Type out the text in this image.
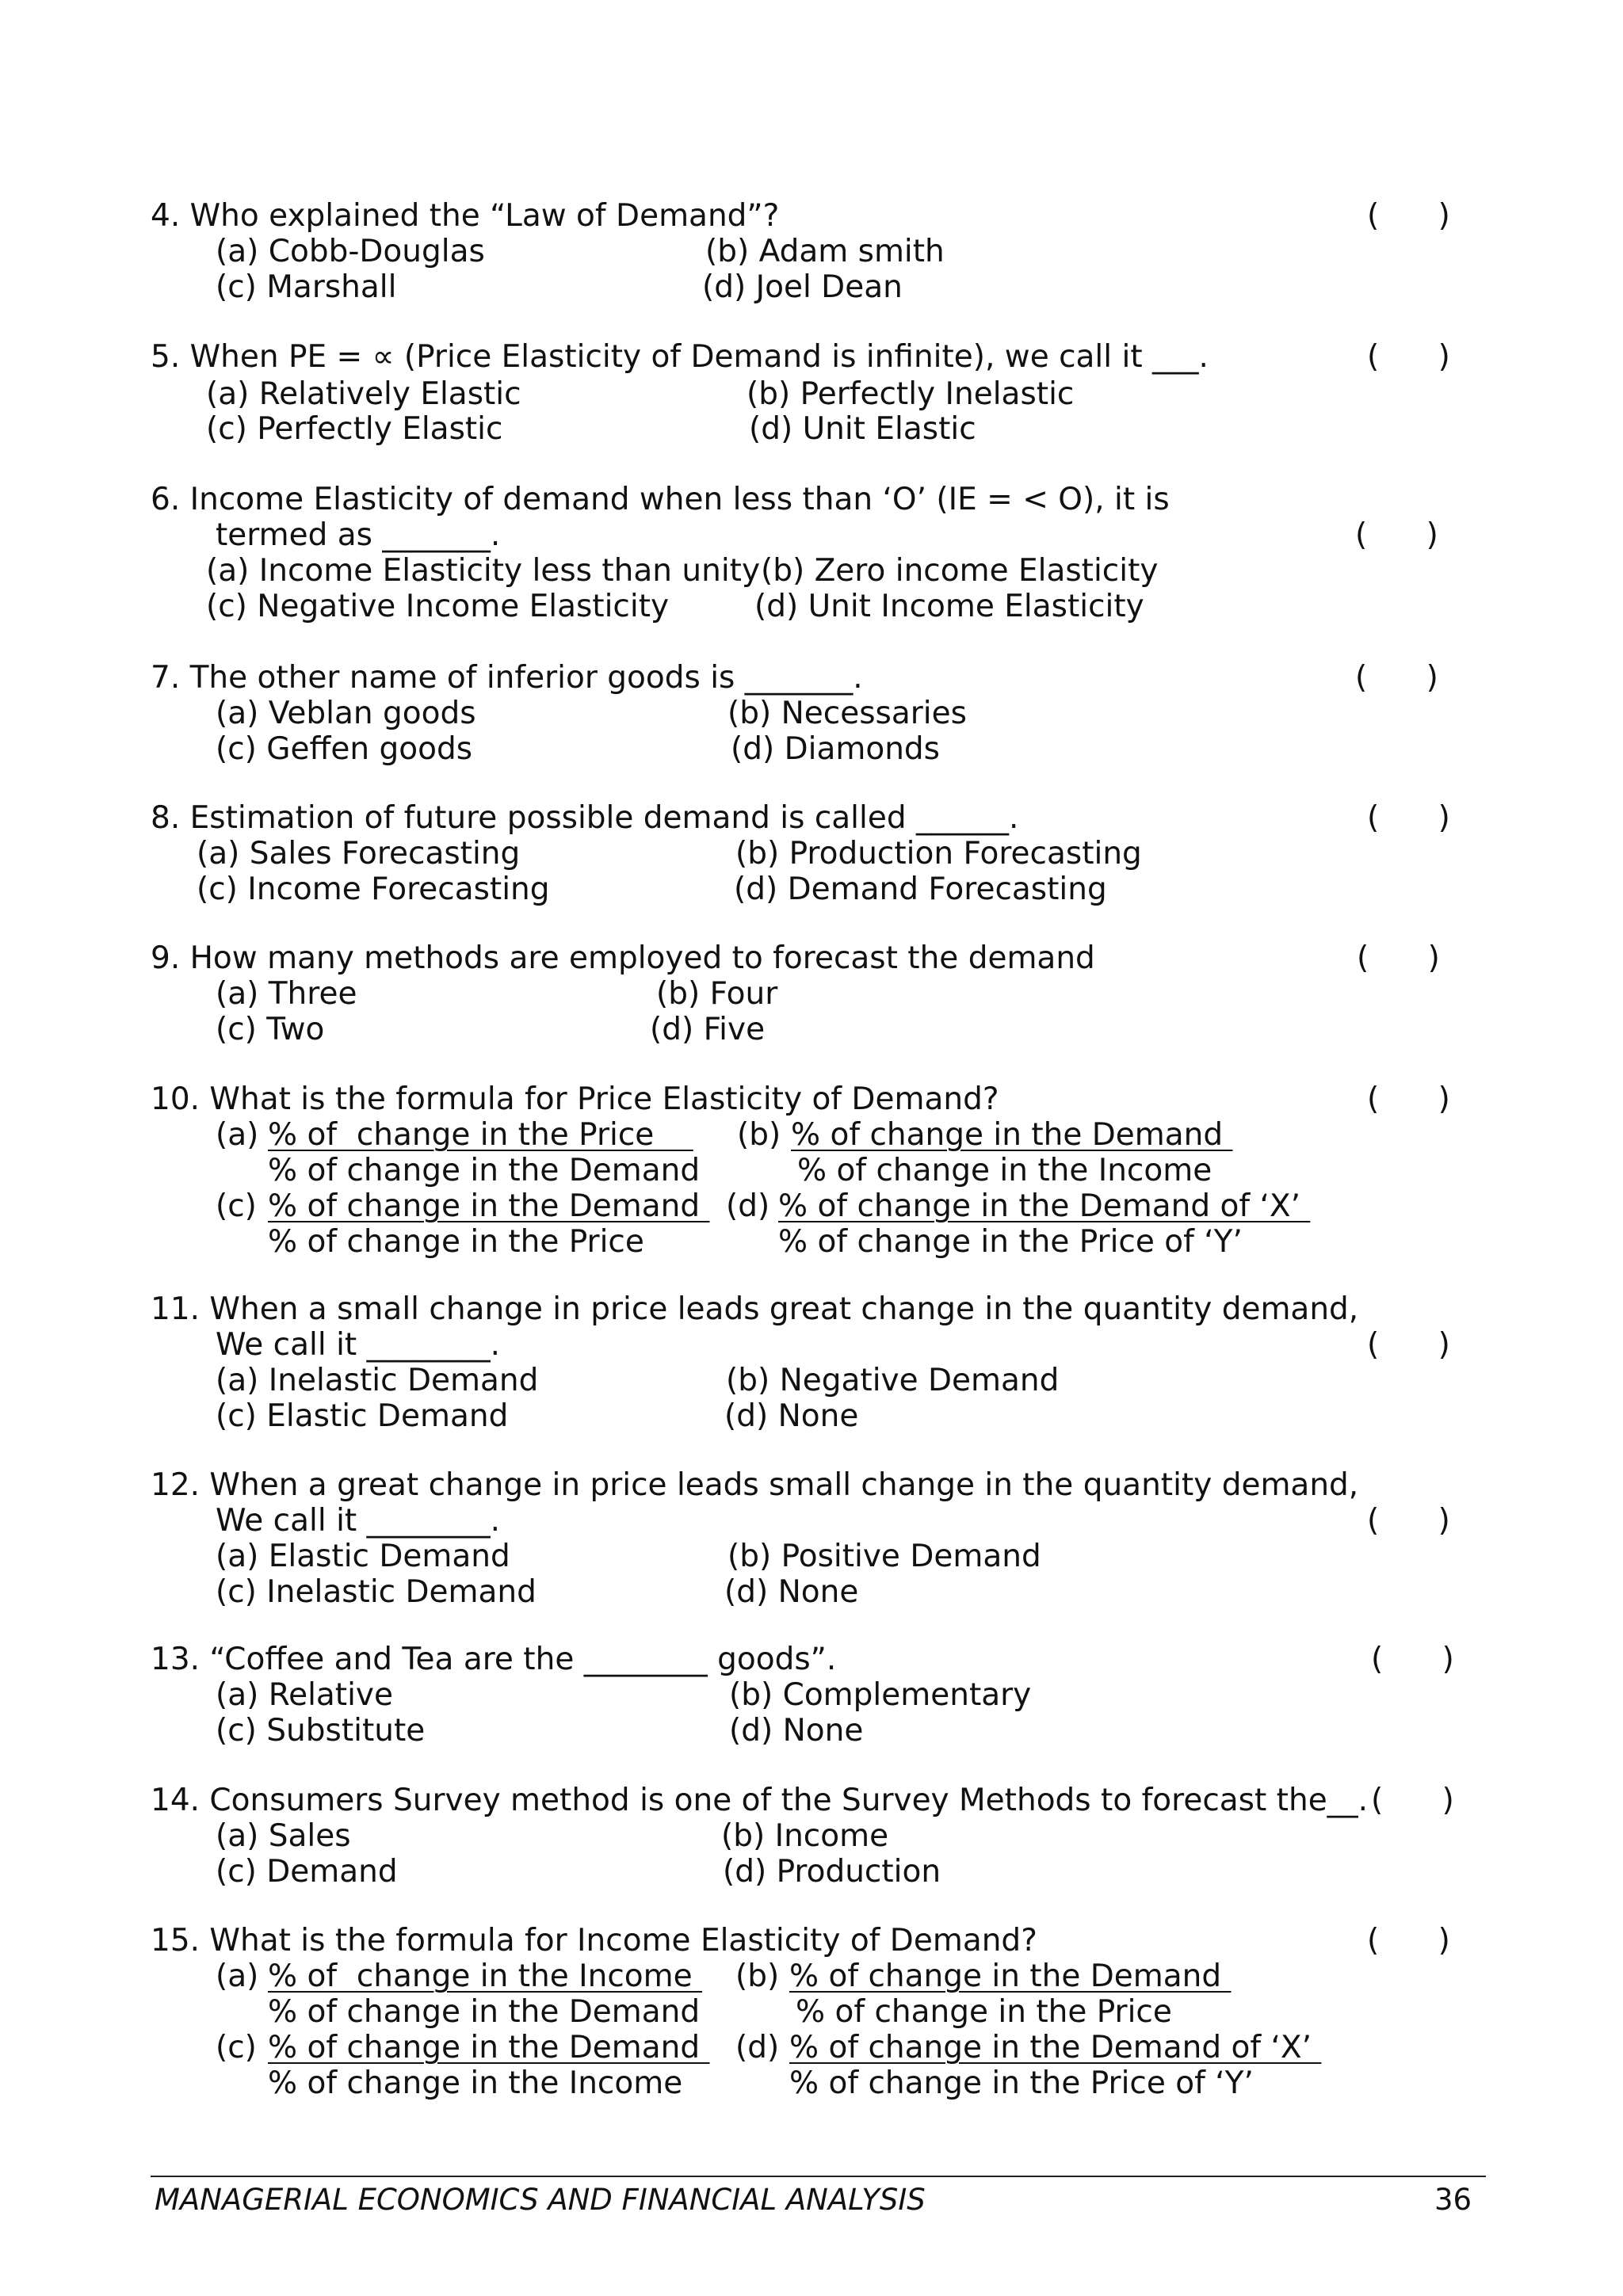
4. Who explained the “Law of Demand”?	(      )
(a) Cobb-Douglas	(b) Adam smith
(c) Marshall	(d) Joel Dean
5. When PE = ∝ (Price Elasticity of Demand is infinite), we call it ___.	(      )
(a) Relatively Elastic	(b) Perfectly Inelastic
(c) Perfectly Elastic	(d) Unit Elastic
6. Income Elasticity of demand when less than ‘O’ (IE = < O), it is
termed as _______.	(      )
(a) Income Elasticity less than unity (b) Zero income Elasticity
(c) Negative Income Elasticity	(d) Unit Income Elasticity
7. The other name of inferior goods is _______.	(      )
(a) Veblan goods	(b) Necessaries
(c) Geffen goods	(d) Diamonds
8. Estimation of future possible demand is called ______.	(      )
(a) Sales Forecasting	(b) Production Forecasting
(c) Income Forecasting	(d) Demand Forecasting
9. How many methods are employed to forecast the demand	(      )
(a) Three	(b) Four
(c) Two	(d) Five
10. What is the formula for Price Elasticity of Demand?	(      )
(a) % of  change in the Price
% of change in the Demand
(b) % of change in the Demand
% of change in the Income
(c) % of change in the Demand
% of change in the Price
(d) % of change in the Demand of ‘X’
% of change in the Price of ‘Y’
11. When a small change in price leads great change in the quantity demand,
We call it ________.	(      )
(a) Inelastic Demand	(b) Negative Demand
(c) Elastic Demand	(d) None
12. When a great change in price leads small change in the quantity demand,
We call it ________.	(      )
(a) Elastic Demand	(b) Positive Demand
(c) Inelastic Demand	(d) None
13. “Coffee and Tea are the ________ goods”.	(      )
(a) Relative	(b) Complementary
(c) Substitute	(d) None
14. Consumers Survey method is one of the Survey Methods to forecast the__. (      )
(a) Sales	(b) Income
(c) Demand	(d) Production
15. What is the formula for Income Elasticity of Demand?	(      )
(a) % of  change in the Income
% of change in the Demand
(b) % of change in the Demand
% of change in the Price
(c) % of change in the Demand
% of change in the Income
(d) % of change in the Demand of ‘X’
% of change in the Price of ‘Y’
MANAGERIAL ECONOMICS AND FINANCIAL ANALYSIS	36
